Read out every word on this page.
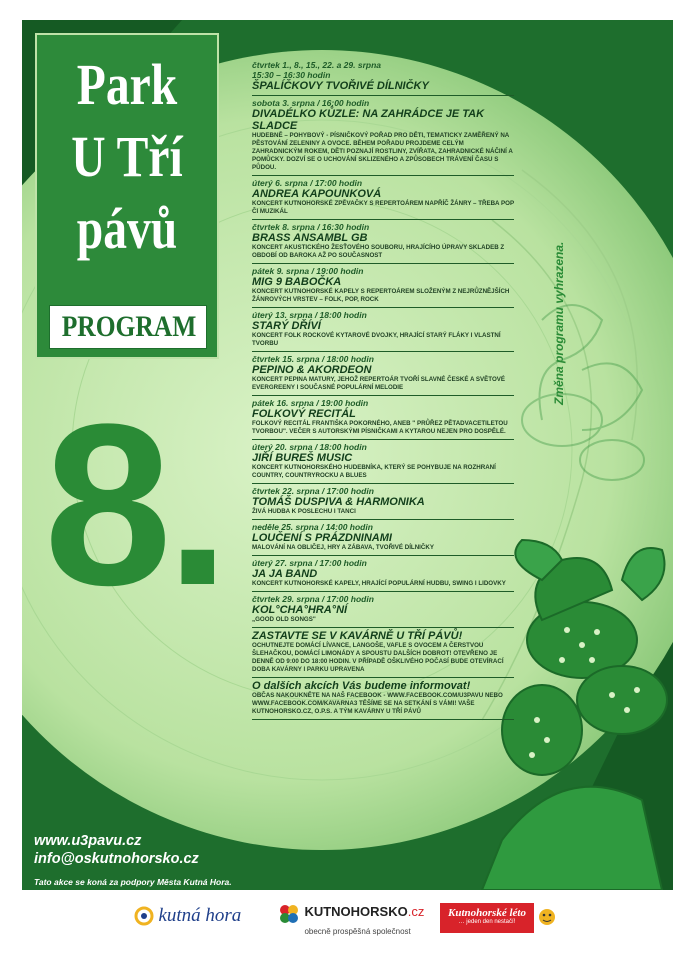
Park
U Tří
pávů
PROGRAM
8.
čtvrtek 1., 8., 15., 22. a 29. srpna
15:30 – 16:30 hodin
ŠPALÍČKOVY TVOŘIVÉ DÍLNIČKY
sobota 3. srpna / 16:00 hodin
DIVADÉLKO KŮZLE: NA ZAHRÁDCE JE TAK SLADCE
HUDEBNĚ – POHYBOVÝ - PÍSNIČKOVÝ POŘAD PRO DĚTI, TEMATICKY ZAMĚŘENÝ NA PĚSTOVÁNÍ ZELENINY A OVOCE. BĚHEM POŘADU PROJDEME CELÝM ZAHRADNICKÝM ROKEM, DĚTI POZNAJÍ ROSTLINY, ZVÍŘATA, ZAHRADNICKÉ NÁČINÍ A POMŮCKY. DOZVÍ SE O UCHOVÁNÍ SKLIZENÉHO A ZPŮSOBECH TRÁVENÍ ČASU S PŮDOU.
úterý 6. srpna / 17:00 hodin
ANDREA KAPOUNKOVÁ
KONCERT KUTNOHORSKÉ ZPĚVAČKY S REPERTOÁREM NAPŘÍČ ŽÁNRY – TŘEBA POP ČI MUZIKÁL
čtvrtek 8. srpna / 16:30 hodin
BRASS ANSAMBL GB
KONCERT AKUSTICKÉHO ŽESŤOVÉHO SOUBORU, HRAJÍCÍHO ÚPRAVY SKLADEB Z OBDOBÍ OD BAROKA AŽ PO SOUČASNOST
pátek 9. srpna / 19:00 hodin
MIG 9 BABOČKA
KONCERT KUTNOHORSKÉ KAPELY S REPERTOÁREM SLOŽENÝM Z NEJRŮZNĚJŠÍCH ŽÁNROVÝCH VRSTEV – FOLK, POP, ROCK
úterý 13. srpna / 18:00 hodin
STARÝ DŘÍVÍ
KONCERT FOLK ROCKOVÉ KYTAROVÉ DVOJKY, HRAJÍCÍ STARÝ FLÁKY I VLASTNÍ TVORBU
čtvrtek 15. srpna / 18:00 hodin
PEPINO & AKORDEON
KONCERT PEPINA MATURY, JEHOŽ REPERTOÁR TVOŘÍ SLAVNÉ ČESKÉ A SVĚTOVÉ EVERGREENY I SOUČASNÉ POPULÁRNÍ MELODIE
pátek 16. srpna / 19:00 hodin
FOLKOVÝ RECITÁL
FOLKOVÝ RECITÁL FRANTIŠKA POKORNÉHO, ANEB " PRŮŘEZ PĚTADVACETILETOU TVORBOU". VEČER S AUTORSKÝMI PÍSNIČKAMI A KYTAROU NEJEN PRO DOSPĚLÉ.
úterý 20. srpna / 18:00 hodin
JIŘÍ BUREŠ MUSIC
KONCERT KUTNOHORSKÉHO HUDEBNÍKA, KTERÝ SE POHYBUJE NA ROZHRANÍ COUNTRY, COUNTRYROCKU A BLUES
čtvrtek 22. srpna / 17:00 hodin
TOMÁŠ DUSPIVA & HARMONIKA
ŽIVÁ HUDBA K POSLECHU I TANCI
neděle 25. srpna / 14:00 hodin
LOUČENÍ S PRÁZDNINAMI
MALOVÁNÍ NA OBLIČEJ, HRY A ZÁBAVA, TVOŘIVÉ DÍLNIČKY
úterý 27. srpna / 17:00 hodin
JA JA BAND
KONCERT KUTNOHORSKÉ KAPELY, HRAJÍCÍ POPULÁRNÍ HUDBU, SWING I LIDOVKY
čtvrtek 29. srpna / 17:00 hodin
KOL°CHA°HRA°NÍ
„GOOD OLD SONGS"
ZASTAVTE SE V KAVÁRNĚ U TŘÍ PÁVŮ!
OCHUTNEJTE DOMÁCÍ LÍVANCE, LANGOŠE, VAFLE S OVOCEM A ČERSTVOU ŠLEHAČKOU, DOMÁCÍ LIMONÁDY A SPOUSTU DALŠÍCH DOBROT! OTEVŘENO JE DENNĚ OD 9:00 DO 18:00 HODIN. V PŘÍPADĚ OŠKLIVÉHO POČASÍ BUDE OTEVÍRACÍ DOBA KAVÁRNY I PARKU UPRAVENA
O dalších akcích Vás budeme informovat!
OBČAS NAKOUKNĚTE NA NAŠ FACEBOOK - WWW.FACEBOOK.COM/U3PAVU NEBO WWW.FACEBOOK.COM/KAVARNA3 TĚŠÍME SE NA SETKÁNÍ S VÁMI! VAŠE KUTNOHORSKO.CZ, O.P.S. A TÝM KAVÁRNY U TŘÍ PÁVŮ
Změna programu vyhrazena.
www.u3pavu.cz
info@oskutnohorsko.cz
Tato akce se koná za podpory Města Kutná Hora.
kutná hora	KUTNOHORSKO.cz
obecně prospěšná společnost
Kutnohorské léto
… jeden den nestačí!
